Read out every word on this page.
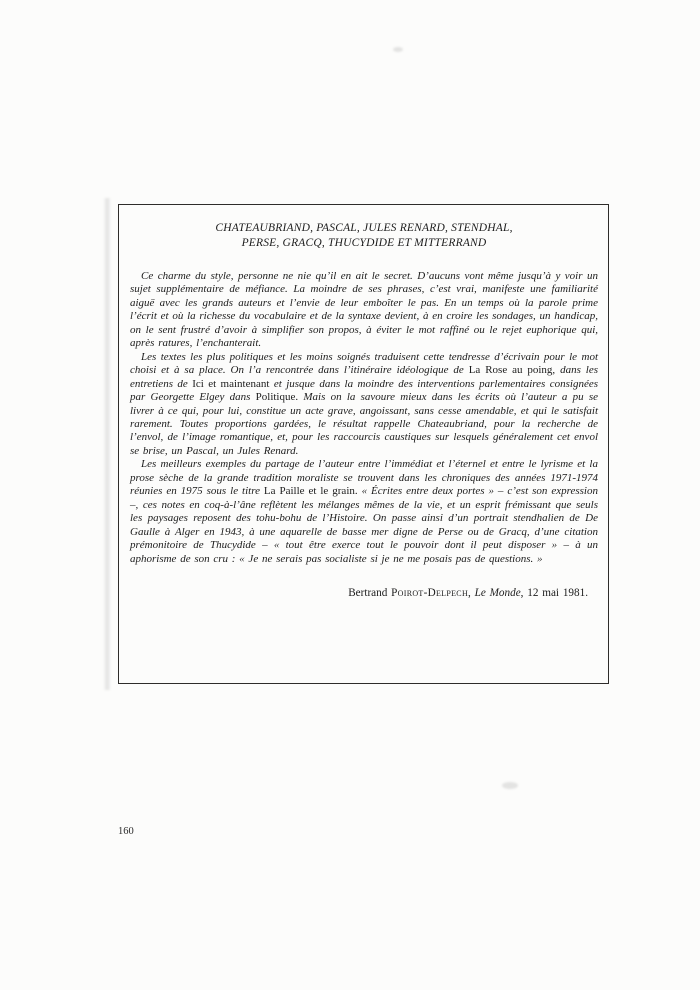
CHATEAUBRIAND, PASCAL, JULES RENARD, STENDHAL,
PERSE, GRACQ, THUCYDIDE ET MITTERRAND

Ce charme du style, personne ne nie qu’il en ait le secret. D’aucuns vont même jusqu’à y voir un sujet supplémentaire de méfiance. La moindre de ses phrases, c’est vrai, manifeste une familiarité aiguë avec les grands auteurs et l’envie de leur emboîter le pas. En un temps où la parole prime l’écrit et où la richesse du vocabulaire et de la syntaxe devient, à en croire les sondages, un handicap, on le sent frustré d’avoir à simplifier son propos, à éviter le mot raffiné ou le rejet euphorique qui, après ratures, l’enchanterait.

Les textes les plus politiques et les moins soignés traduisent cette tendresse d’écrivain pour le mot choisi et à sa place. On l’a rencontrée dans l’itinéraire idéologique de La Rose au poing, dans les entretiens de Ici et maintenant et jusque dans la moindre des interventions parlementaires consignées par Georgette Elgey dans Politique. Mais on la savoure mieux dans les écrits où l’auteur a pu se livrer à ce qui, pour lui, constitue un acte grave, angoissant, sans cesse amendable, et qui le satisfait rarement. Toutes proportions gardées, le résultat rappelle Chateaubriand, pour la recherche de l’envol, de l’image romantique, et, pour les raccourcis caustiques sur lesquels généralement cet envol se brise, un Pascal, un Jules Renard.

Les meilleurs exemples du partage de l’auteur entre l’immédiat et l’éternel et entre le lyrisme et la prose sèche de la grande tradition moraliste se trouvent dans les chroniques des années 1971-1974 réunies en 1975 sous le titre La Paille et le grain. « Écrites entre deux portes » – c’est son expression –, ces notes en coq-à-l’âne reflètent les mélanges mêmes de la vie, et un esprit frémissant que seuls les paysages reposent des tohu-bohu de l’Histoire. On passe ainsi d’un portrait stendhalien de De Gaulle à Alger en 1943, à une aquarelle de basse mer digne de Perse ou de Gracq, d’une citation prémonitoire de Thucydide – « tout être exerce tout le pouvoir dont il peut disposer » – à un aphorisme de son cru : « Je ne serais pas socialiste si je ne me posais pas de questions. »

Bertrand Poirot-Delpech, Le Monde, 12 mai 1981.
160
